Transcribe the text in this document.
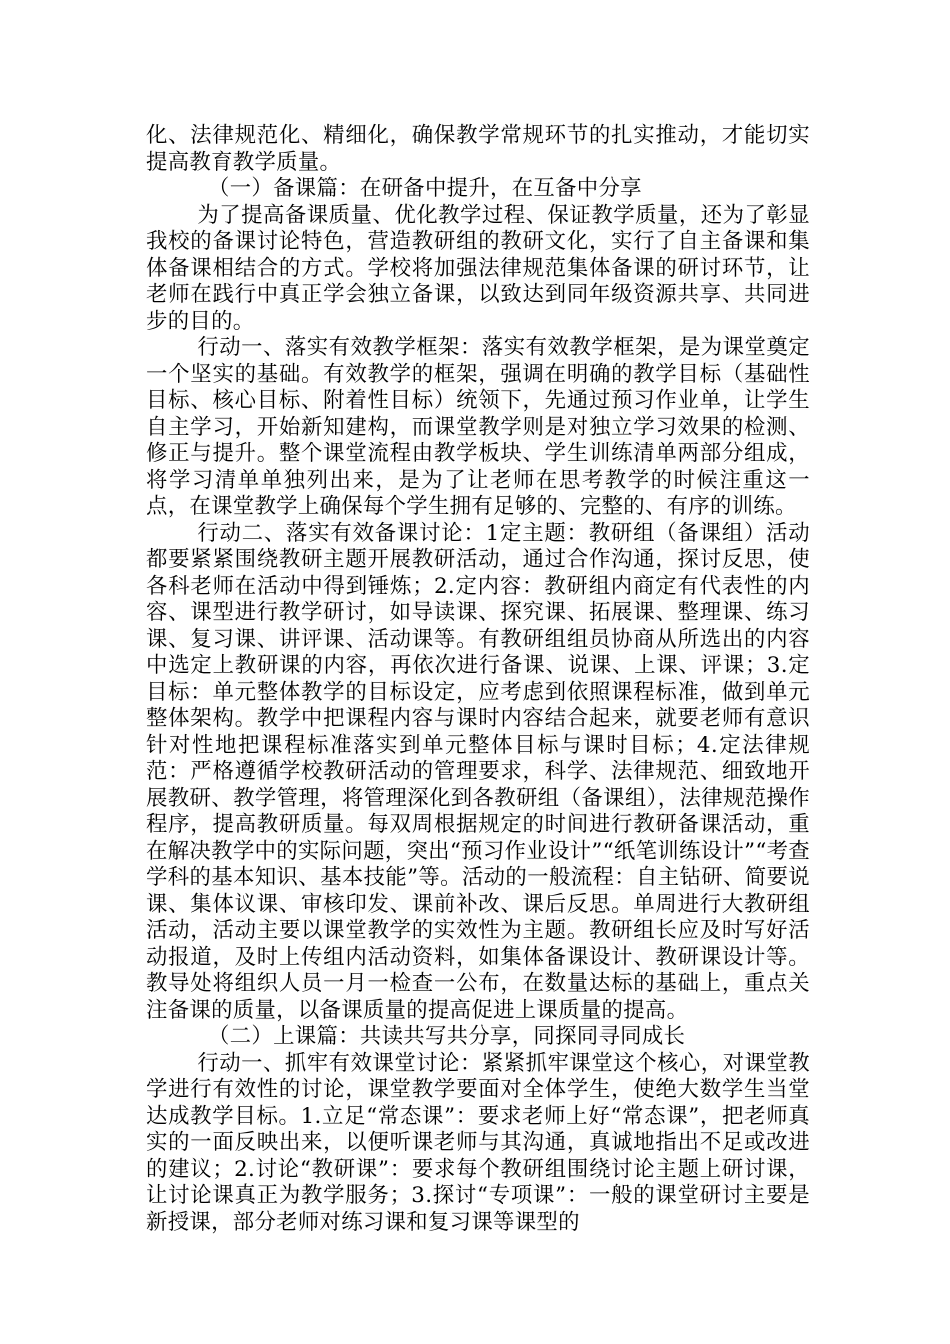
化、法律规范化、精细化，确保教学常规环节的扎实推动，才能切实提高教育教学质量。

（一）备课篇：在研备中提升，在互备中分享

为了提高备课质量、优化教学过程、保证教学质量，还为了彰显我校的备课讨论特色，营造教研组的教研文化，实行了自主备课和集体备课相结合的方式。学校将加强法律规范集体备课的研讨环节，让老师在践行中真正学会独立备课，以致达到同年级资源共享、共同进步的目的。

行动一、落实有效教学框架：落实有效教学框架，是为课堂奠定一个坚实的基础。有效教学的框架，强调在明确的教学目标（基础性目标、核心目标、附着性目标）统领下，先通过预习作业单，让学生自主学习，开始新知建构，而课堂教学则是对独立学习效果的检测、修正与提升。整个课堂流程由教学板块、学生训练清单两部分组成，将学习清单单独列出来，是为了让老师在思考教学的时候注重这一点，在课堂教学上确保每个学生拥有足够的、完整的、有序的训练。

行动二、落实有效备课讨论：1定主题：教研组（备课组）活动都要紧紧围绕教研主题开展教研活动，通过合作沟通，探讨反思，使各科老师在活动中得到锤炼；2.定内容：教研组内商定有代表性的内容、课型进行教学研讨，如导读课、探究课、拓展课、整理课、练习课、复习课、讲评课、活动课等。有教研组组员协商从所选出的内容中选定上教研课的内容，再依次进行备课、说课、上课、评课；3.定目标：单元整体教学的目标设定，应考虑到依照课程标准，做到单元整体架构。教学中把课程内容与课时内容结合起来，就要老师有意识针对性地把课程标准落实到单元整体目标与课时目标；4.定法律规范：严格遵循学校教研活动的管理要求，科学、法律规范、细致地开展教研、教学管理，将管理深化到各教研组（备课组），法律规范操作程序，提高教研质量。每双周根据规定的时间进行教研备课活动，重在解决教学中的实际问题，突出“预习作业设计”“纸笔训练设计”“考查学科的基本知识、基本技能”等。活动的一般流程：自主钻研、简要说课、集体议课、审核印发、课前补改、课后反思。单周进行大教研组活动，活动主要以课堂教学的实效性为主题。教研组长应及时写好活动报道，及时上传组内活动资料，如集体备课设计、教研课设计等。教导处将组织人员一月一检查一公布，在数量达标的基础上，重点关注备课的质量，以备课质量的提高促进上课质量的提高。

（二）上课篇：共读共写共分享，同探同寻同成长

行动一、抓牢有效课堂讨论：紧紧抓牢课堂这个核心，对课堂教学进行有效性的讨论，课堂教学要面对全体学生，使绝大数学生当堂达成教学目标。1.立足“常态课”：要求老师上好“常态课”，把老师真实的一面反映出来，以便听课老师与其沟通，真诚地指出不足或改进的建议；2.讨论“教研课”：要求每个教研组围绕讨论主题上研讨课，让讨论课真正为教学服务；3.探讨“专项课”：一般的课堂研讨主要是新授课，部分老师对练习课和复习课等课型的
